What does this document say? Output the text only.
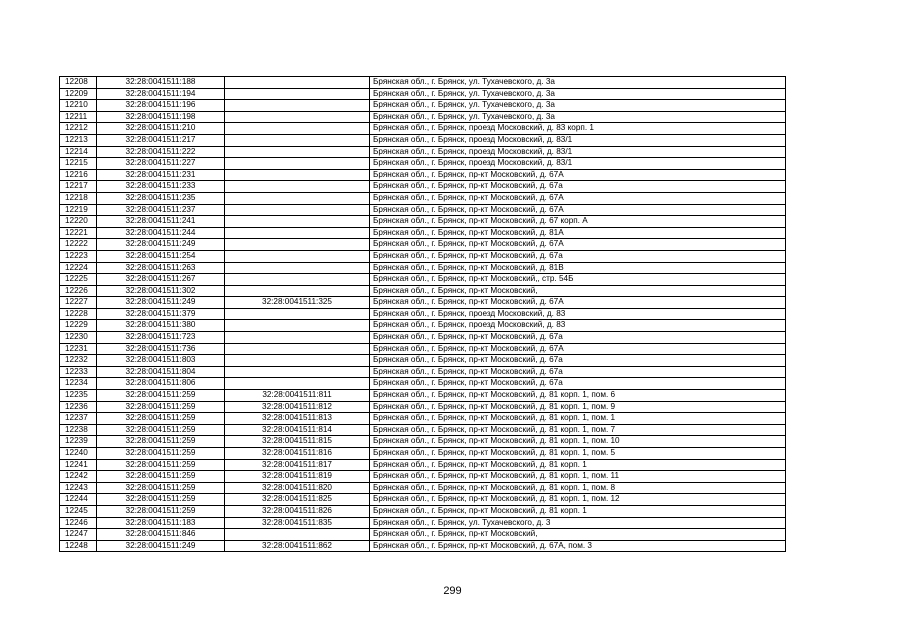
12208	32:28:0041511:188		Брянская обл., г. Брянск, ул. Тухачевского, д. 3а
12209	32:28:0041511:194		Брянская обл., г. Брянск, ул. Тухачевского, д. 3а
12210	32:28:0041511:196		Брянская обл., г. Брянск, ул. Тухачевского, д. 3а
12211	32:28:0041511:198		Брянская обл., г. Брянск, ул. Тухачевского, д. 3а
12212	32:28:0041511:210		Брянская обл., г. Брянск, проезд Московский, д. 83 корп. 1
12213	32:28:0041511:217		Брянская обл., г. Брянск, проезд Московский, д. 83/1
12214	32:28:0041511:222		Брянская обл., г. Брянск, проезд Московский, д. 83/1
12215	32:28:0041511:227		Брянская обл., г. Брянск, проезд Московский, д. 83/1
12216	32:28:0041511:231		Брянская обл., г. Брянск, пр-кт Московский, д. 67А
12217	32:28:0041511:233		Брянская обл., г. Брянск, пр-кт Московский, д. 67а
12218	32:28:0041511:235		Брянская обл., г. Брянск, пр-кт Московский, д. 67А
12219	32:28:0041511:237		Брянская обл., г. Брянск, пр-кт Московский, д. 67А
12220	32:28:0041511:241		Брянская обл., г. Брянск, пр-кт Московский, д. 67 корп. А
12221	32:28:0041511:244		Брянская обл., г. Брянск, пр-кт Московский, д. 81А
12222	32:28:0041511:249		Брянская обл., г. Брянск, пр-кт Московский, д. 67А
12223	32:28:0041511:254		Брянская обл., г. Брянск, пр-кт Московский, д. 67а
12224	32:28:0041511:263		Брянская обл., г. Брянск, пр-кт Московский, д. 81В
12225	32:28:0041511:267		Брянская обл., г. Брянск, пр-кт Московский,, стр. 54Б
12226	32:28:0041511:302		Брянская обл., г. Брянск, пр-кт Московский,
12227	32:28:0041511:249	32:28:0041511:325	Брянская обл., г. Брянск, пр-кт Московский, д. 67А
12228	32:28:0041511:379		Брянская обл., г. Брянск, проезд Московский, д. 83
12229	32:28:0041511:380		Брянская обл., г. Брянск, проезд Московский, д. 83
12230	32:28:0041511:723		Брянская обл., г. Брянск, пр-кт Московский, д. 67а
12231	32:28:0041511:736		Брянская обл., г. Брянск, пр-кт Московский, д. 67А
12232	32:28:0041511:803		Брянская обл., г. Брянск, пр-кт Московский, д. 67а
12233	32:28:0041511:804		Брянская обл., г. Брянск, пр-кт Московский, д. 67а
12234	32:28:0041511:806		Брянская обл., г. Брянск, пр-кт Московский, д. 67а
12235	32:28:0041511:259	32:28:0041511:811	Брянская обл., г. Брянск, пр-кт Московский, д. 81 корп. 1, пом. 6
12236	32:28:0041511:259	32:28:0041511:812	Брянская обл., г. Брянск, пр-кт Московский, д. 81 корп. 1, пом. 9
12237	32:28:0041511:259	32:28:0041511:813	Брянская обл., г. Брянск, пр-кт Московский, д. 81 корп. 1, пом. 1
12238	32:28:0041511:259	32:28:0041511:814	Брянская обл., г. Брянск, пр-кт Московский, д. 81 корп. 1, пом. 7
12239	32:28:0041511:259	32:28:0041511:815	Брянская обл., г. Брянск, пр-кт Московский, д. 81 корп. 1, пом. 10
12240	32:28:0041511:259	32:28:0041511:816	Брянская обл., г. Брянск, пр-кт Московский, д. 81 корп. 1, пом. 5
12241	32:28:0041511:259	32:28:0041511:817	Брянская обл., г. Брянск, пр-кт Московский, д. 81 корп. 1
12242	32:28:0041511:259	32:28:0041511:819	Брянская обл., г. Брянск, пр-кт Московский, д. 81 корп. 1, пом. 11
12243	32:28:0041511:259	32:28:0041511:820	Брянская обл., г. Брянск, пр-кт Московский, д. 81 корп. 1, пом. 8
12244	32:28:0041511:259	32:28:0041511:825	Брянская обл., г. Брянск, пр-кт Московский, д. 81 корп. 1, пом. 12
12245	32:28:0041511:259	32:28:0041511:826	Брянская обл., г. Брянск, пр-кт Московский, д. 81 корп. 1
12246	32:28:0041511:183	32:28:0041511:835	Брянская обл., г. Брянск, ул. Тухачевского, д. 3
12247	32:28:0041511:846		Брянская обл., г. Брянск, пр-кт Московский,
12248	32:28:0041511:249	32:28:0041511:862	Брянская обл., г. Брянск, пр-кт Московский, д. 67А, пом. 3
299
